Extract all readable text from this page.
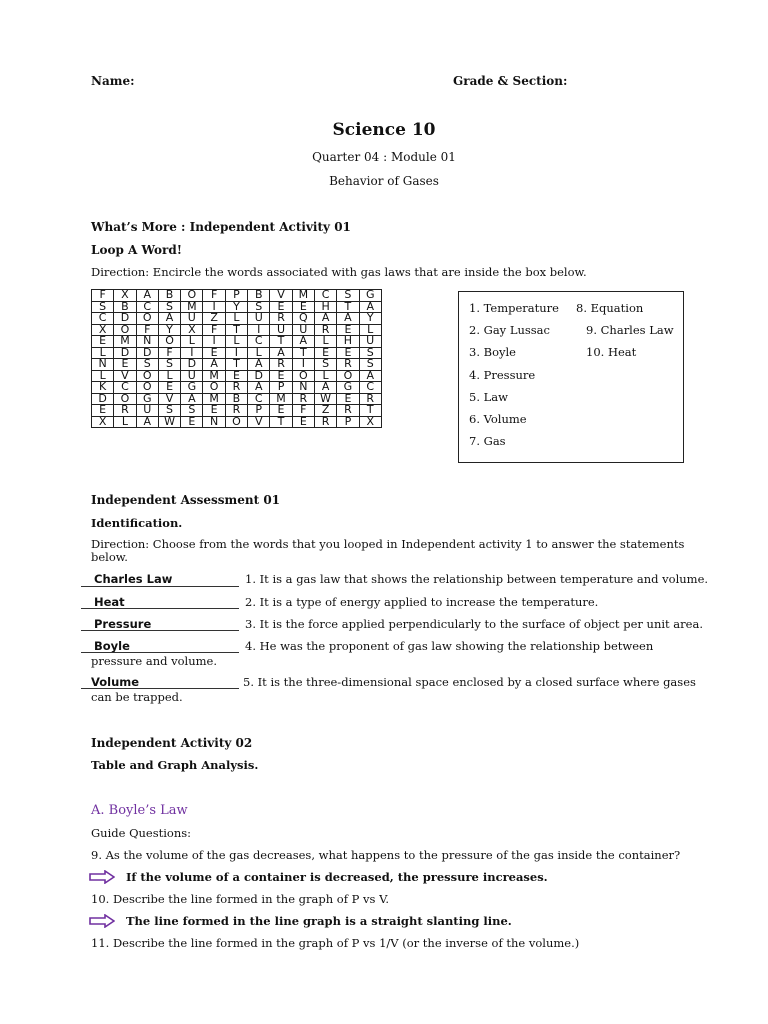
Name:	Grade & Section:
Science 10
Quarter 04 : Module 01
Behavior of Gases
What’s More : Independent Activity 01
Loop A Word!
Direction: Encircle the words associated with gas laws that are inside the box below.
F	X	A	B	O	F	P	B	V	M	C	S	G
S	B	C	S	M	I	Y	S	E	E	H	T	A
C	D	O	A	U	Z	L	U	R	Q	A	A	Y
X	O	F	Y	X	F	T	I	U	U	R	E	L
E	M	N	O	L	I	L	C	T	A	L	H	U
L	D	D	F	I	E	I	L	A	T	E	E	S
N	E	S	S	D	A	T	A	R	I	S	R	S
L	V	O	L	U	M	E	D	E	O	L	O	A
K	C	O	E	G	O	R	A	P	N	A	G	C
D	O	G	V	A	M	B	C	M	R	W	E	R
E	R	U	S	S	E	R	P	E	F	Z	R	T
X	L	A	W	E	N	O	V	T	E	R	P	X
1. Temperature
2. Gay Lussac
3. Boyle
4. Pressure
5. Law
6. Volume
7. Gas
8. Equation
9. Charles Law
10. Heat
Independent Assessment 01
Identification.
Direction: Choose from the words that you looped in Independent activity 1 to answer the statements below.
Charles Law	1. It is a gas law that shows the relationship between temperature and volume.
Heat	2. It is a type of energy applied to increase the temperature.
Pressure	3. It is the force applied perpendicularly to the surface of object per unit area.
Boyle	4. He was the proponent of gas law showing the relationship between
pressure and volume.
Volume	5. It is the three-dimensional space enclosed by a closed surface where gases
can be trapped.
Independent Activity 02
Table and Graph Analysis.
A. Boyle’s Law
Guide Questions:
9. As the volume of the gas decreases, what happens to the pressure of the gas inside the container?
If the volume of a container is decreased, the pressure increases.
10. Describe the line formed in the graph of P vs V.
The line formed in the line graph is a straight slanting line.
11. Describe the line formed in the graph of P vs 1/V (or the inverse of the volume.)
